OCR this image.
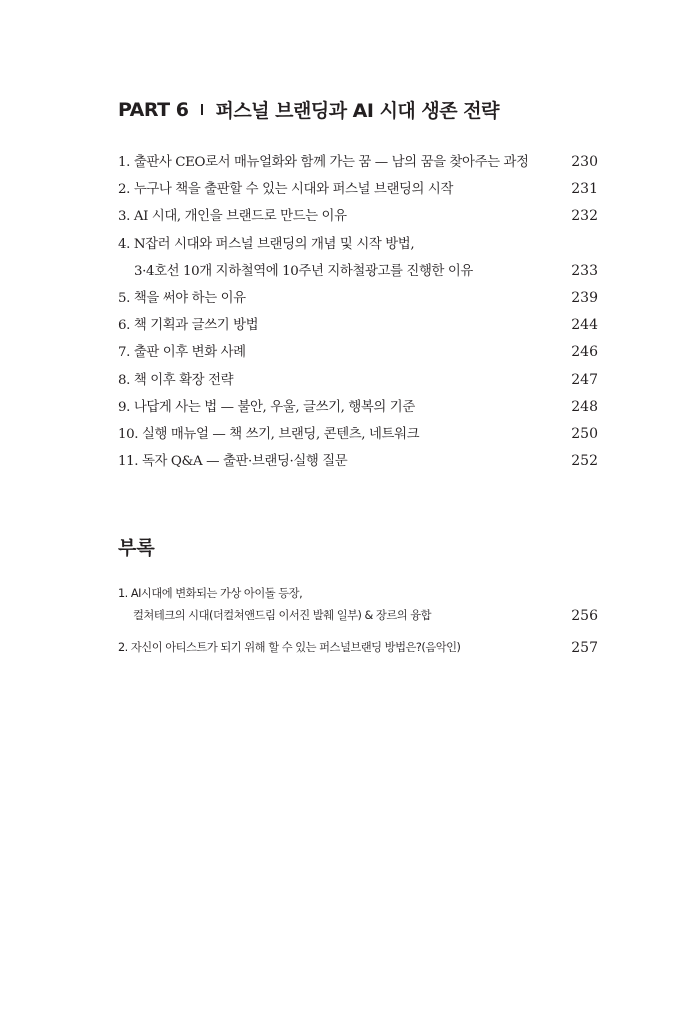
PART 6 퍼스널 브랜딩과 AI 시대 생존 전략
1. 출판사 CEO로서 매뉴얼화와 함께 가는 꿈 — 남의 꿈을 찾아주는 과정	230
2. 누구나 책을 출판할 수 있는 시대와 퍼스널 브랜딩의 시작	231
3. AI 시대, 개인을 브랜드로 만드는 이유	232
4. N잡러 시대와 퍼스널 브랜딩의 개념 및 시작 방법,
3·4호선 10개 지하철역에 10주년 지하철광고를 진행한 이유	233
5. 책을 써야 하는 이유	239
6. 책 기획과 글쓰기 방법	244
7. 출판 이후 변화 사례	246
8. 책 이후 확장 전략	247
9. 나답게 사는 법 — 불안, 우울, 글쓰기, 행복의 기준	248
10. 실행 매뉴얼 — 책 쓰기, 브랜딩, 콘텐츠, 네트워크	250
11. 독자 Q&A — 출판·브랜딩·실행 질문	252
부록
1. AI시대에 변화되는 가상 아이돌 등장,
컬쳐테크의 시대(더컬쳐앤드림 이서진 발췌 일부) & 장르의 융합	256
2. 자신이 아티스트가 되기 위해 할 수 있는 퍼스널브랜딩 방법은?(음악인)	257
